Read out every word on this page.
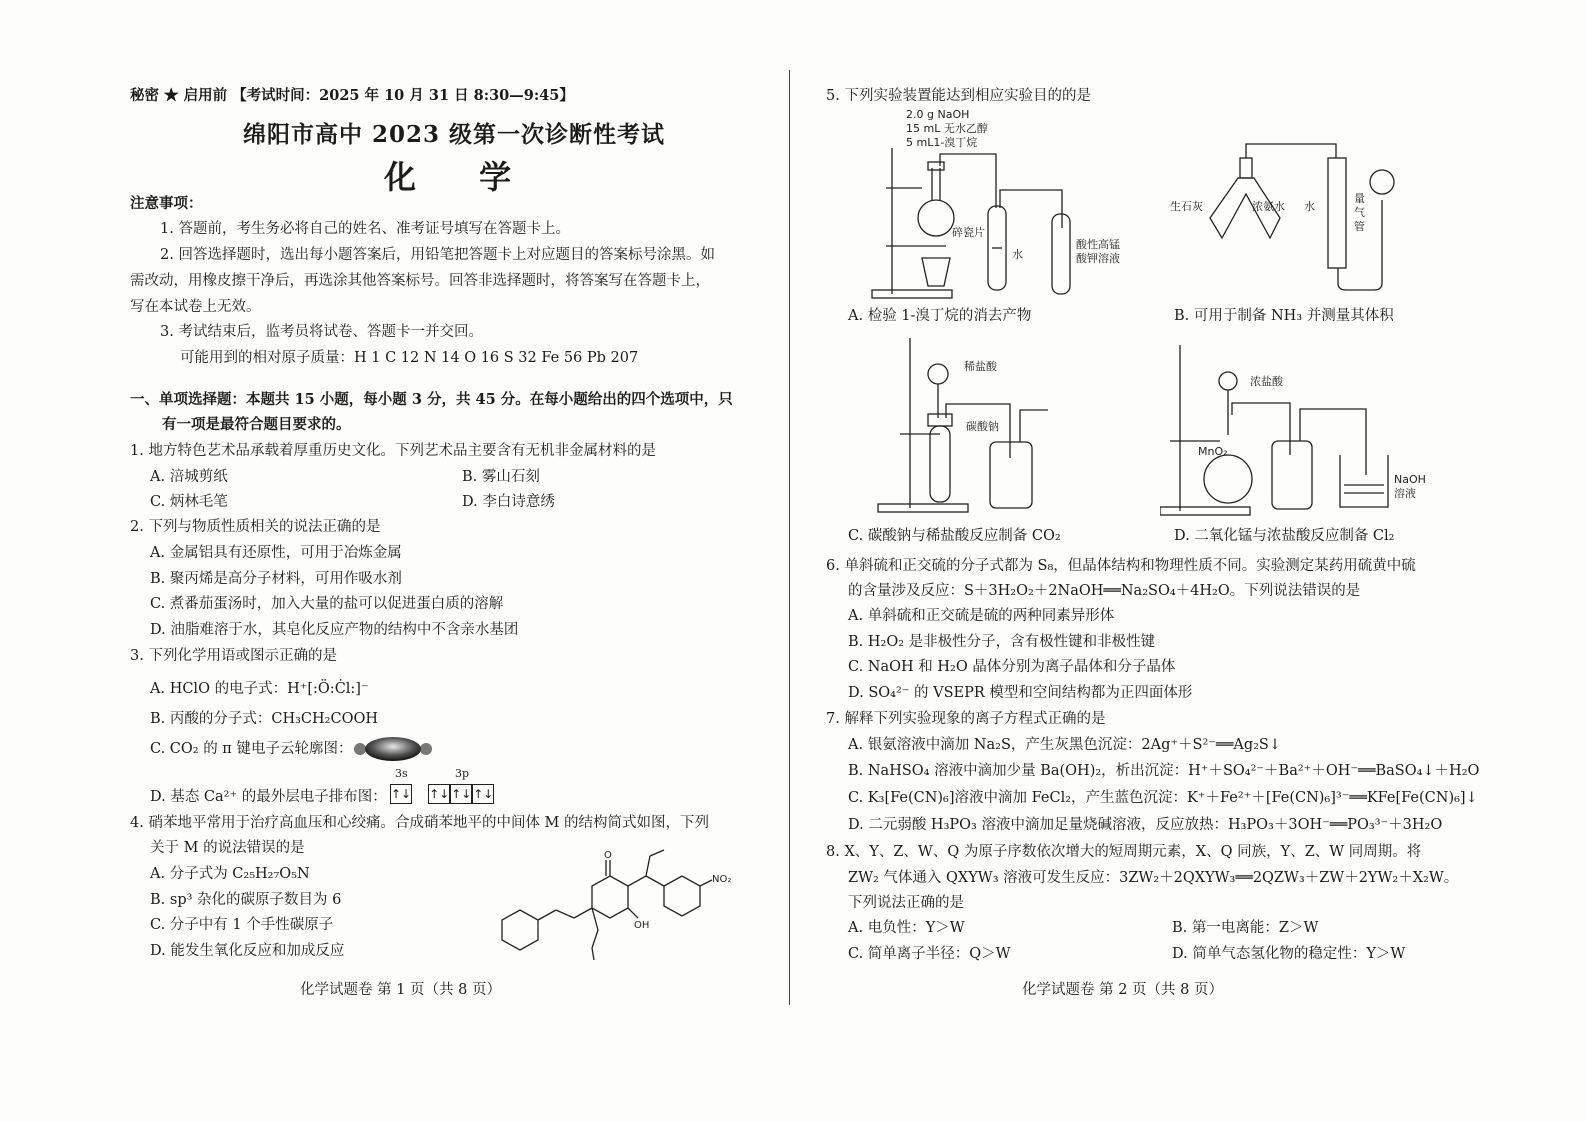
秘密 ★ 启用前 【考试时间：2025 年 10 月 31 日 8:30—9:45】
绵阳市高中 2023 级第一次诊断性考试
化 学
注意事项：
1. 答题前，考生务必将自己的姓名、准考证号填写在答题卡上。
2. 回答选择题时，选出每小题答案后，用铅笔把答题卡上对应题目的答案标号涂黑。如
需改动，用橡皮擦干净后，再选涂其他答案标号。回答非选择题时，将答案写在答题卡上，
写在本试卷上无效。
3. 考试结束后，监考员将试卷、答题卡一并交回。
可能用到的相对原子质量：H 1 C 12 N 14 O 16 S 32 Fe 56 Pb 207
一、单项选择题：本题共 15 小题，每小题 3 分，共 45 分。在每小题给出的四个选项中，只
有一项是最符合题目要求的。
1. 地方特色艺术品承载着厚重历史文化。下列艺术品主要含有无机非金属材料的是
A. 涪城剪纸	B. 雾山石刻
C. 炳林毛笔	D. 李白诗意绣
2. 下列与物质性质相关的说法正确的是
A. 金属铝具有还原性，可用于冶炼金属
B. 聚丙烯是高分子材料，可用作吸水剂
C. 煮番茄蛋汤时，加入大量的盐可以促进蛋白质的溶解
D. 油脂难溶于水，其皂化反应产物的结构中不含亲水基团
3. 下列化学用语或图示正确的是
A. HClO 的电子式：H⁺[:Ö:Ċl:]⁻
B. 丙酸的分子式：CH₃CH₂COOH
C. CO₂ 的 π 键电子云轮廓图：
3s	3p
D. 基态 Ca²⁺ 的最外层电子排布图： ↑↓ ↑↓ ↑↓ ↑↓
4. 硝苯地平常用于治疗高血压和心绞痛。合成硝苯地平的中间体 M 的结构简式如图，下列
关于 M 的说法错误的是
A. 分子式为 C₂₅H₂₇O₅N
B. sp³ 杂化的碳原子数目为 6
C. 分子中有 1 个手性碳原子
D. 能发生氧化反应和加成反应
O
NO₂
OH
化学试题卷 第 1 页（共 8 页）
5. 下列实验装置能达到相应实验目的的是
2.0 g NaOH
15 mL 无水乙醇
5 mL1-溴丁烷
碎瓷片
水
酸性高锰
酸钾溶液
A. 检验 1-溴丁烷的消去产物
生石灰	浓氨水 水
量
气
管
B. 可用于制备 NH₃ 并测量其体积
稀盐酸
碳酸钠
C. 碳酸钠与稀盐酸反应制备 CO₂
浓盐酸
MnO₂
NaOH
溶液
D. 二氧化锰与浓盐酸反应制备 Cl₂
6. 单斜硫和正交硫的分子式都为 S₈，但晶体结构和物理性质不同。实验测定某药用硫黄中硫
的含量涉及反应：S＋3H₂O₂＋2NaOH══Na₂SO₄＋4H₂O。下列说法错误的是
A. 单斜硫和正交硫是硫的两种同素异形体
B. H₂O₂ 是非极性分子，含有极性键和非极性键
C. NaOH 和 H₂O 晶体分别为离子晶体和分子晶体
D. SO₄²⁻ 的 VSEPR 模型和空间结构都为正四面体形
7. 解释下列实验现象的离子方程式正确的是
A. 银氨溶液中滴加 Na₂S，产生灰黑色沉淀：2Ag⁺＋S²⁻══Ag₂S↓
B. NaHSO₄ 溶液中滴加少量 Ba(OH)₂，析出沉淀：H⁺＋SO₄²⁻＋Ba²⁺＋OH⁻══BaSO₄↓＋H₂O
C. K₃[Fe(CN)₆]溶液中滴加 FeCl₂，产生蓝色沉淀：K⁺＋Fe²⁺＋[Fe(CN)₆]³⁻══KFe[Fe(CN)₆]↓
D. 二元弱酸 H₃PO₃ 溶液中滴加足量烧碱溶液，反应放热：H₃PO₃＋3OH⁻══PO₃³⁻＋3H₂O
8. X、Y、Z、W、Q 为原子序数依次增大的短周期元素，X、Q 同族，Y、Z、W 同周期。将
ZW₂ 气体通入 QXYW₃ 溶液可发生反应：3ZW₂＋2QXYW₃══2QZW₃＋ZW＋2YW₂＋X₂W。
下列说法正确的是
A. 电负性：Y＞W	B. 第一电离能：Z＞W
C. 简单离子半径：Q＞W	D. 简单气态氢化物的稳定性：Y＞W
化学试题卷 第 2 页（共 8 页）
